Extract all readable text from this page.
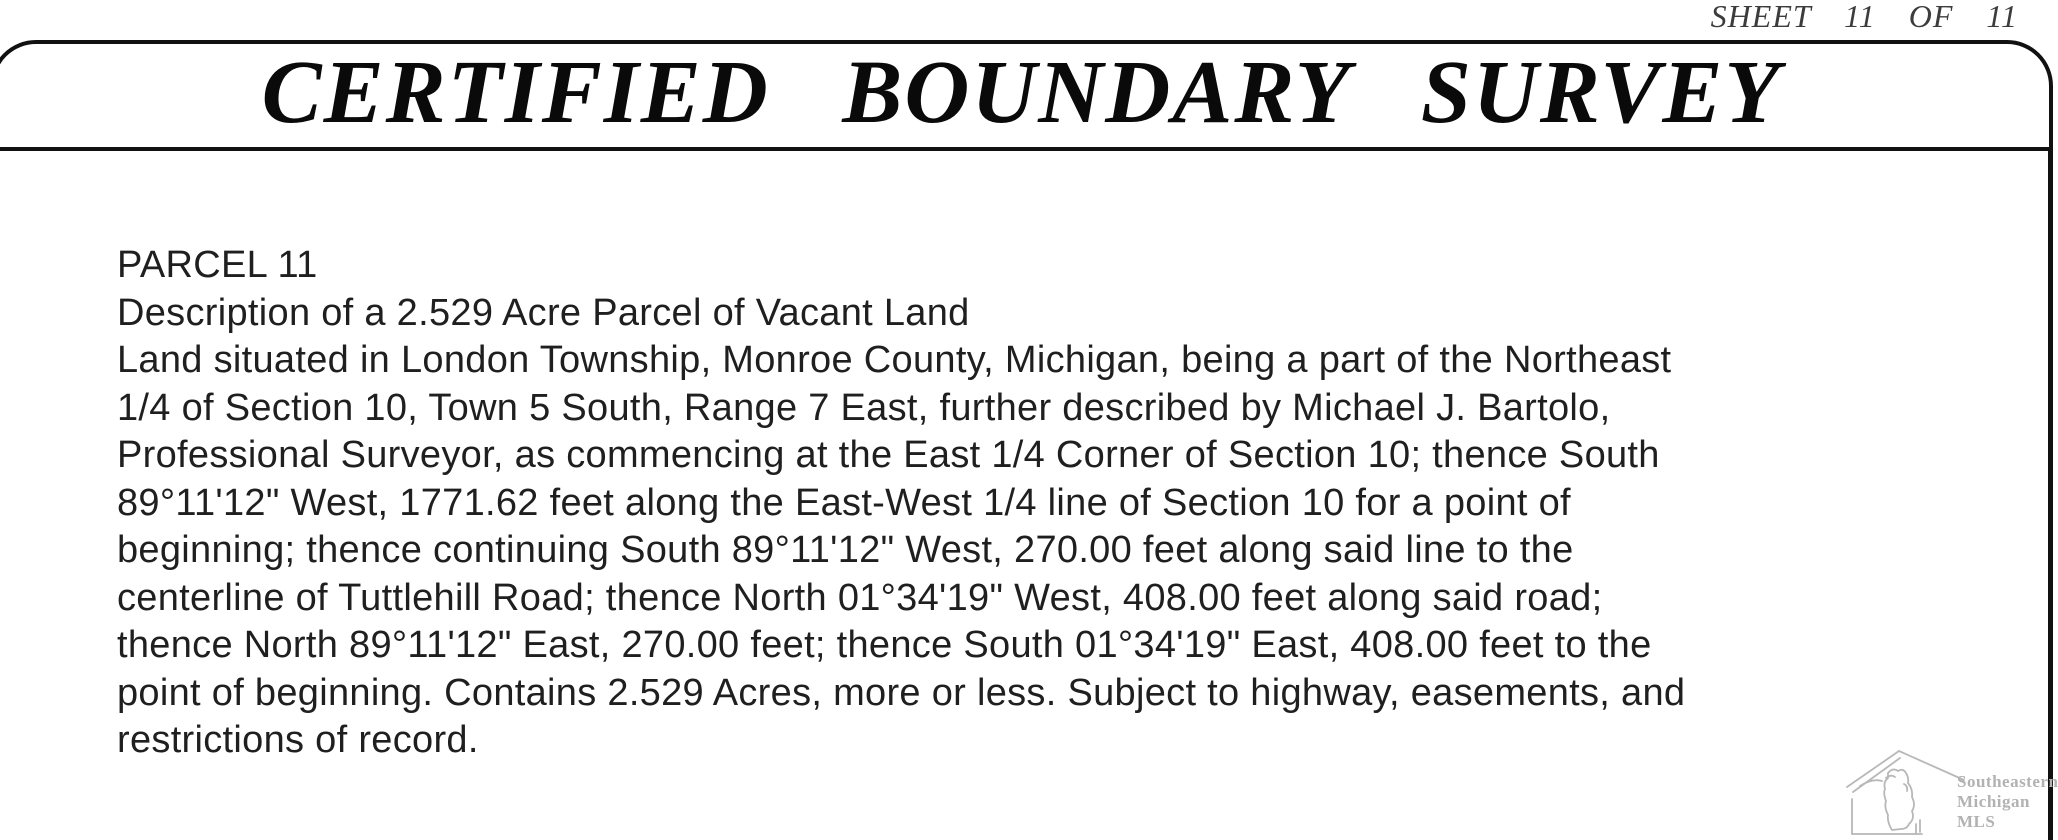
SHEET 11 OF 11
CERTIFIED BOUNDARY SURVEY
PARCEL 11
Description of a 2.529 Acre Parcel of Vacant Land
Land situated in London Township, Monroe County, Michigan, being a part of the Northeast
1/4 of Section 10, Town 5 South, Range 7 East, further described by Michael J. Bartolo,
Professional Surveyor, as commencing at the East 1/4 Corner of Section 10; thence South
89°11'12" West, 1771.62 feet along the East-West 1/4 line of Section 10 for a point of
beginning; thence continuing South 89°11'12" West, 270.00 feet along said line to the
centerline of Tuttlehill Road; thence North 01°34'19" West, 408.00 feet along said road;
thence North 89°11'12" East, 270.00 feet; thence South 01°34'19" East, 408.00 feet to the
point of beginning. Contains 2.529 Acres, more or less. Subject to highway, easements, and
restrictions of record.
Southeastern
Michigan
MLS
